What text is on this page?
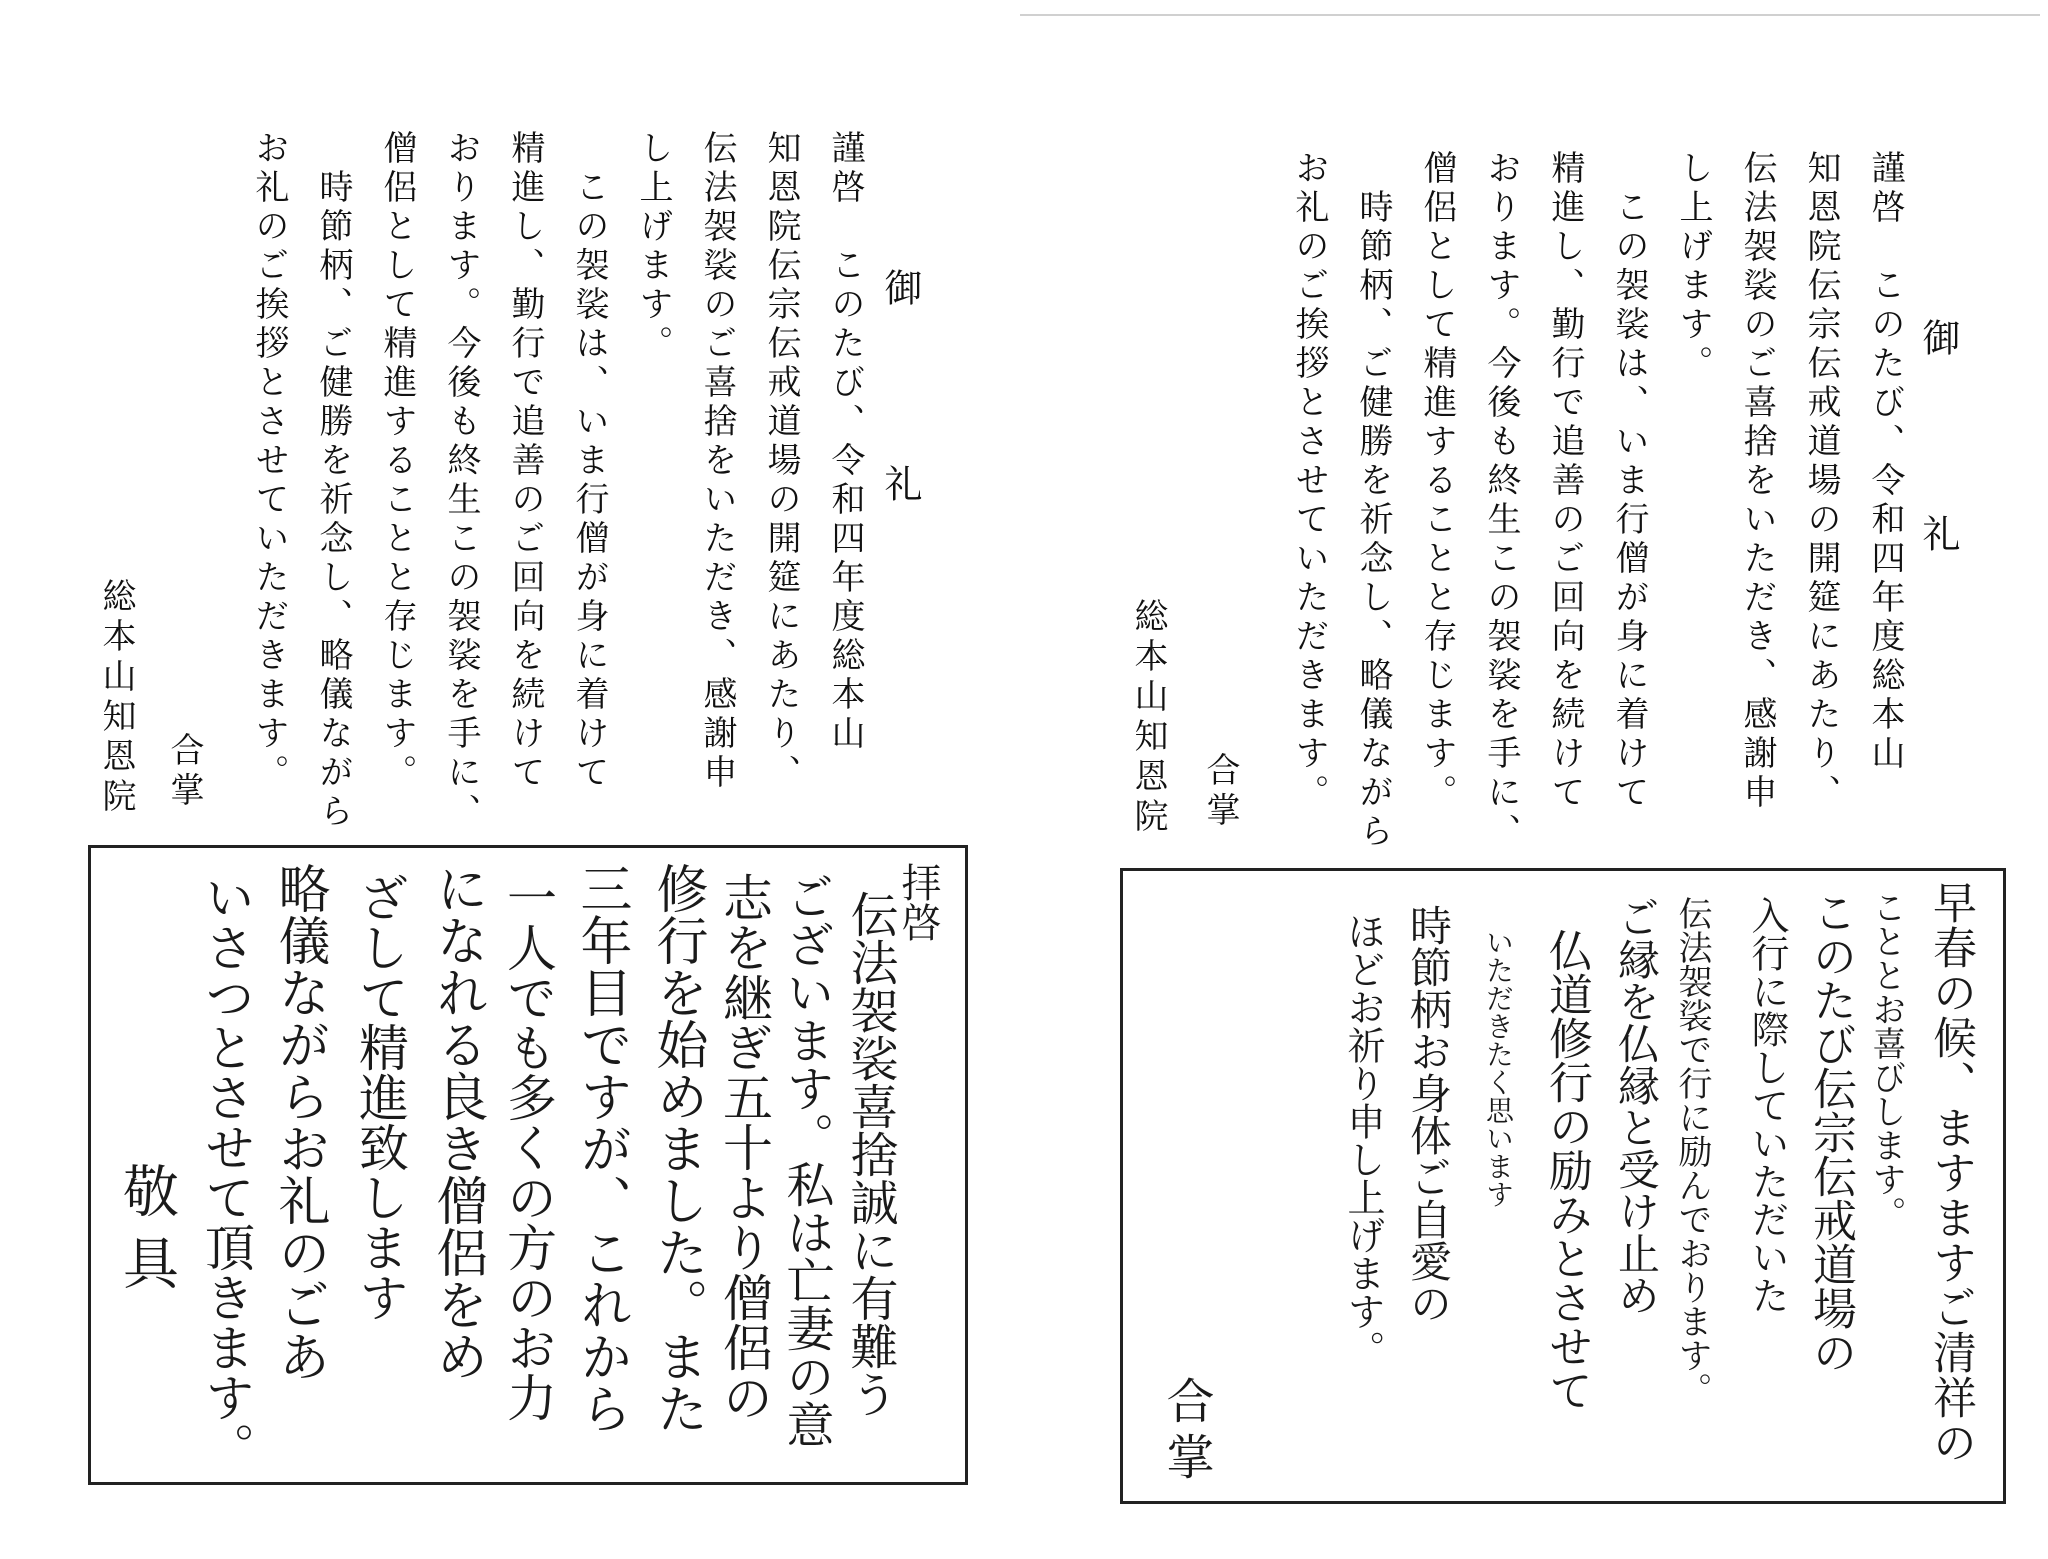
御　礼
謹啓　このたび、令和四年度総本山
知恩院伝宗伝戒道場の開筵にあたり、
伝法袈裟のご喜捨をいただき、感謝申
し上げます。
　この袈裟は、いま行僧が身に着けて
精進し、勤行で追善のご回向を続けて
おります。今後も終生この袈裟を手に、
僧侶として精進することと存じます。
　時節柄、ご健勝を祈念し、略儀ながら
お礼のご挨拶とさせていただきます。
合掌
総本山知恩院
拝啓
伝法袈裟喜捨誠に有難う
ございます。私は亡妻の意
志を継ぎ五十より僧侶の
修行を始めました。また
三年目ですが、これから
一人でも多くの方のお力
になれる良き僧侶をめ
ざして精進致します
略儀ながらお礼のごあ
いさつとさせて頂きます。
敬具
御　礼
謹啓　このたび、令和四年度総本山
知恩院伝宗伝戒道場の開筵にあたり、
伝法袈裟のご喜捨をいただき、感謝申
し上げます。
　この袈裟は、いま行僧が身に着けて
精進し、勤行で追善のご回向を続けて
おります。今後も終生この袈裟を手に、
僧侶として精進することと存じます。
　時節柄、ご健勝を祈念し、略儀ながら
お礼のご挨拶とさせていただきます。
合掌
総本山知恩院
早春の候、ますますご清祥の
こととお喜びします。
このたび伝宗伝戒道場の
入行に際していただいた
伝法袈裟で行に励んでおります。
ご縁を仏縁と受け止め
仏道修行の励みとさせて
いただきたく思います
時節柄お身体ご自愛の
ほどお祈り申し上げます。
合掌
